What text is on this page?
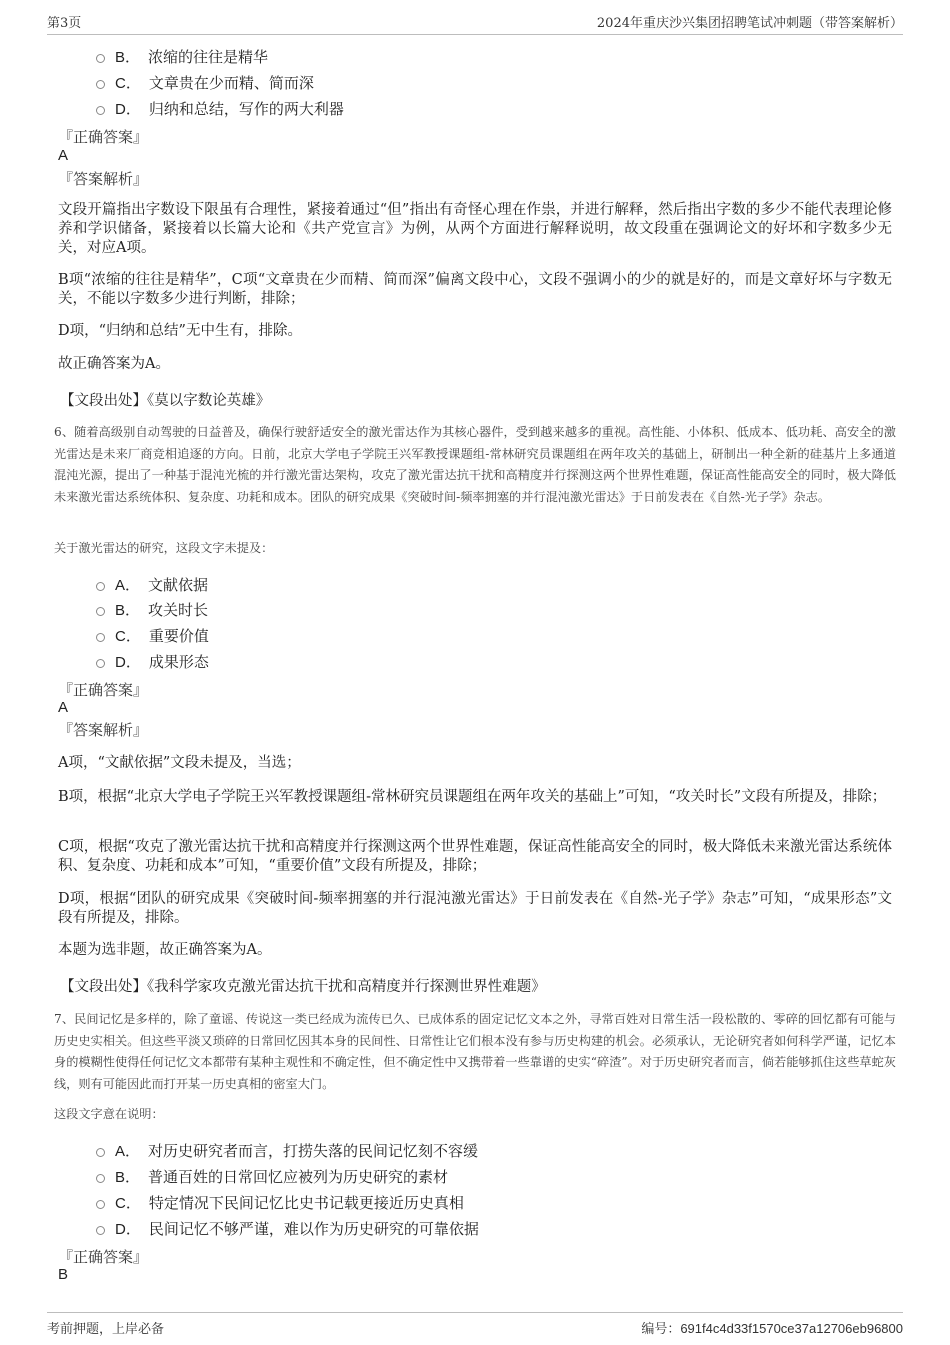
第3页	2024年重庆沙兴集团招聘笔试冲刺题（带答案解析）
B． 浓缩的往往是精华
C． 文章贵在少而精、简而深
D． 归纳和总结，写作的两大利器
『正确答案』
A
『答案解析』
文段开篇指出字数设下限虽有合理性，紧接着通过“但”指出有奇怪心理在作祟，并进行解释，然后指出字数的多少不能代表理论修养和学识储备，紧接着以长篇大论和《共产党宣言》为例，从两个方面进行解释说明，故文段重在强调论文的好坏和字数多少无关，对应A项。
B项“浓缩的往往是精华”，C项“文章贵在少而精、简而深”偏离文段中心，文段不强调小的少的就是好的，而是文章好坏与字数无关，不能以字数多少进行判断，排除；
D项，“归纳和总结”无中生有，排除。
故正确答案为A。
【文段出处】《莫以字数论英雄》
6、随着高级别自动驾驶的日益普及，确保行驶舒适安全的激光雷达作为其核心器件，受到越来越多的重视。高性能、小体积、低成本、低功耗、高安全的激光雷达是未来厂商竞相追逐的方向。日前，北京大学电子学院王兴军教授课题组-常林研究员课题组在两年攻关的基础上，研制出一种全新的硅基片上多通道混沌光源，提出了一种基于混沌光梳的并行激光雷达架构，攻克了激光雷达抗干扰和高精度并行探测这两个世界性难题，保证高性能高安全的同时，极大降低未来激光雷达系统体积、复杂度、功耗和成本。团队的研究成果《突破时间-频率拥塞的并行混沌激光雷达》于日前发表在《自然-光子学》杂志。
关于激光雷达的研究，这段文字未提及：
A． 文献依据
B． 攻关时长
C． 重要价值
D． 成果形态
『正确答案』
A
『答案解析』
A项，“文献依据”文段未提及，当选；
B项，根据“北京大学电子学院王兴军教授课题组-常林研究员课题组在两年攻关的基础上”可知，“攻关时长”文段有所提及，排除；
C项，根据“攻克了激光雷达抗干扰和高精度并行探测这两个世界性难题，保证高性能高安全的同时，极大降低未来激光雷达系统体积、复杂度、功耗和成本”可知，“重要价值”文段有所提及，排除；
D项，根据“团队的研究成果《突破时间-频率拥塞的并行混沌激光雷达》于日前发表在《自然-光子学》杂志”可知，“成果形态”文段有所提及，排除。
本题为选非题，故正确答案为A。
【文段出处】《我科学家攻克激光雷达抗干扰和高精度并行探测世界性难题》
7、民间记忆是多样的，除了童谣、传说这一类已经成为流传已久、已成体系的固定记忆文本之外，寻常百姓对日常生活一段松散的、零碎的回忆都有可能与历史史实相关。但这些平淡又琐碎的日常回忆因其本身的民间性、日常性让它们根本没有参与历史构建的机会。必须承认，无论研究者如何科学严谨，记忆本身的模糊性使得任何记忆文本都带有某种主观性和不确定性，但不确定性中又携带着一些靠谱的史实“碎渣”。对于历史研究者而言，倘若能够抓住这些草蛇灰线，则有可能因此而打开某一历史真相的密室大门。
这段文字意在说明：
A． 对历史研究者而言，打捞失落的民间记忆刻不容缓
B． 普通百姓的日常回忆应被列为历史研究的素材
C． 特定情况下民间记忆比史书记载更接近历史真相
D． 民间记忆不够严谨，难以作为历史研究的可靠依据
『正确答案』
B
考前押题，上岸必备	编号：691f4c4d33f1570ce37a12706eb96800
